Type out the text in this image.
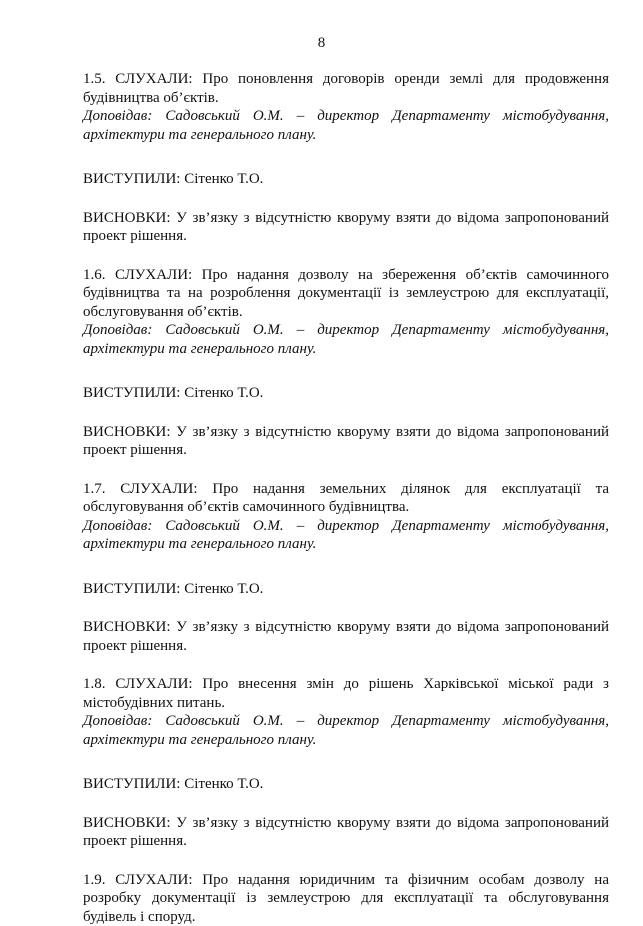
8
1.5. СЛУХАЛИ: Про поновлення договорів оренди землі для продовження будівництва об’єктів.
Доповідав: Садовський О.М. – директор Департаменту містобудування, архітектури та генерального плану.
ВИСТУПИЛИ: Сітенко Т.О.
ВИСНОВКИ: У зв’язку з відсутністю кворуму взяти до відома запропонований проект рішення.
1.6. СЛУХАЛИ: Про надання дозволу на збереження об’єктів самочинного будівництва та на розроблення документації із землеустрою для експлуатації, обслуговування об’єктів.
Доповідав: Садовський О.М. – директор Департаменту містобудування, архітектури та генерального плану.
ВИСТУПИЛИ: Сітенко Т.О.
ВИСНОВКИ: У зв’язку з відсутністю кворуму взяти до відома запропонований проект рішення.
1.7. СЛУХАЛИ: Про надання земельних ділянок для експлуатації та обслуговування об’єктів самочинного будівництва.
Доповідав: Садовський О.М. – директор Департаменту містобудування, архітектури та генерального плану.
ВИСТУПИЛИ: Сітенко Т.О.
ВИСНОВКИ: У зв’язку з відсутністю кворуму взяти до відома запропонований проект рішення.
1.8. СЛУХАЛИ: Про внесення змін до рішень Харківської міської ради з містобудівних питань.
Доповідав: Садовський О.М. – директор Департаменту містобудування, архітектури та генерального плану.
ВИСТУПИЛИ: Сітенко Т.О.
ВИСНОВКИ: У зв’язку з відсутністю кворуму взяти до відома запропонований проект рішення.
1.9. СЛУХАЛИ: Про надання юридичним та фізичним особам дозволу на розробку документації із землеустрою для експлуатації та обслуговування будівель і споруд.
